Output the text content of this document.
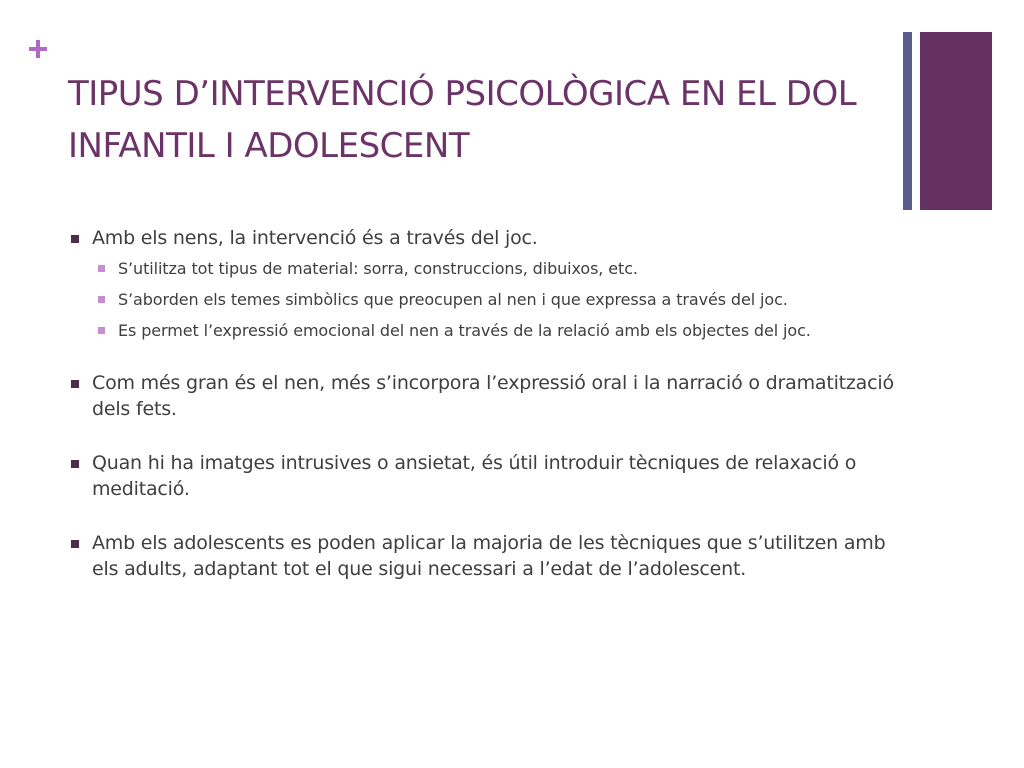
TIPUS D’INTERVENCIÓ PSICOLÒGICA EN EL DOL INFANTIL I ADOLESCENT
Amb els nens, la intervenció és a través del joc.
S’utilitza tot tipus de material: sorra, construccions, dibuixos, etc.
S’aborden els temes simbòlics que preocupen al nen i que expressa a través del joc.
Es permet l’expressió emocional del nen a través de la relació amb els objectes del joc.
Com més gran és el nen, més s’incorpora l’expressió oral i la narració o dramatització dels fets.
Quan hi ha imatges intrusives o ansietat, és útil introduir tècniques de relaxació o meditació.
Amb els adolescents es poden aplicar la majoria de les tècniques que s’utilitzen amb els adults, adaptant tot el que sigui necessari a l’edat de l’adolescent.
